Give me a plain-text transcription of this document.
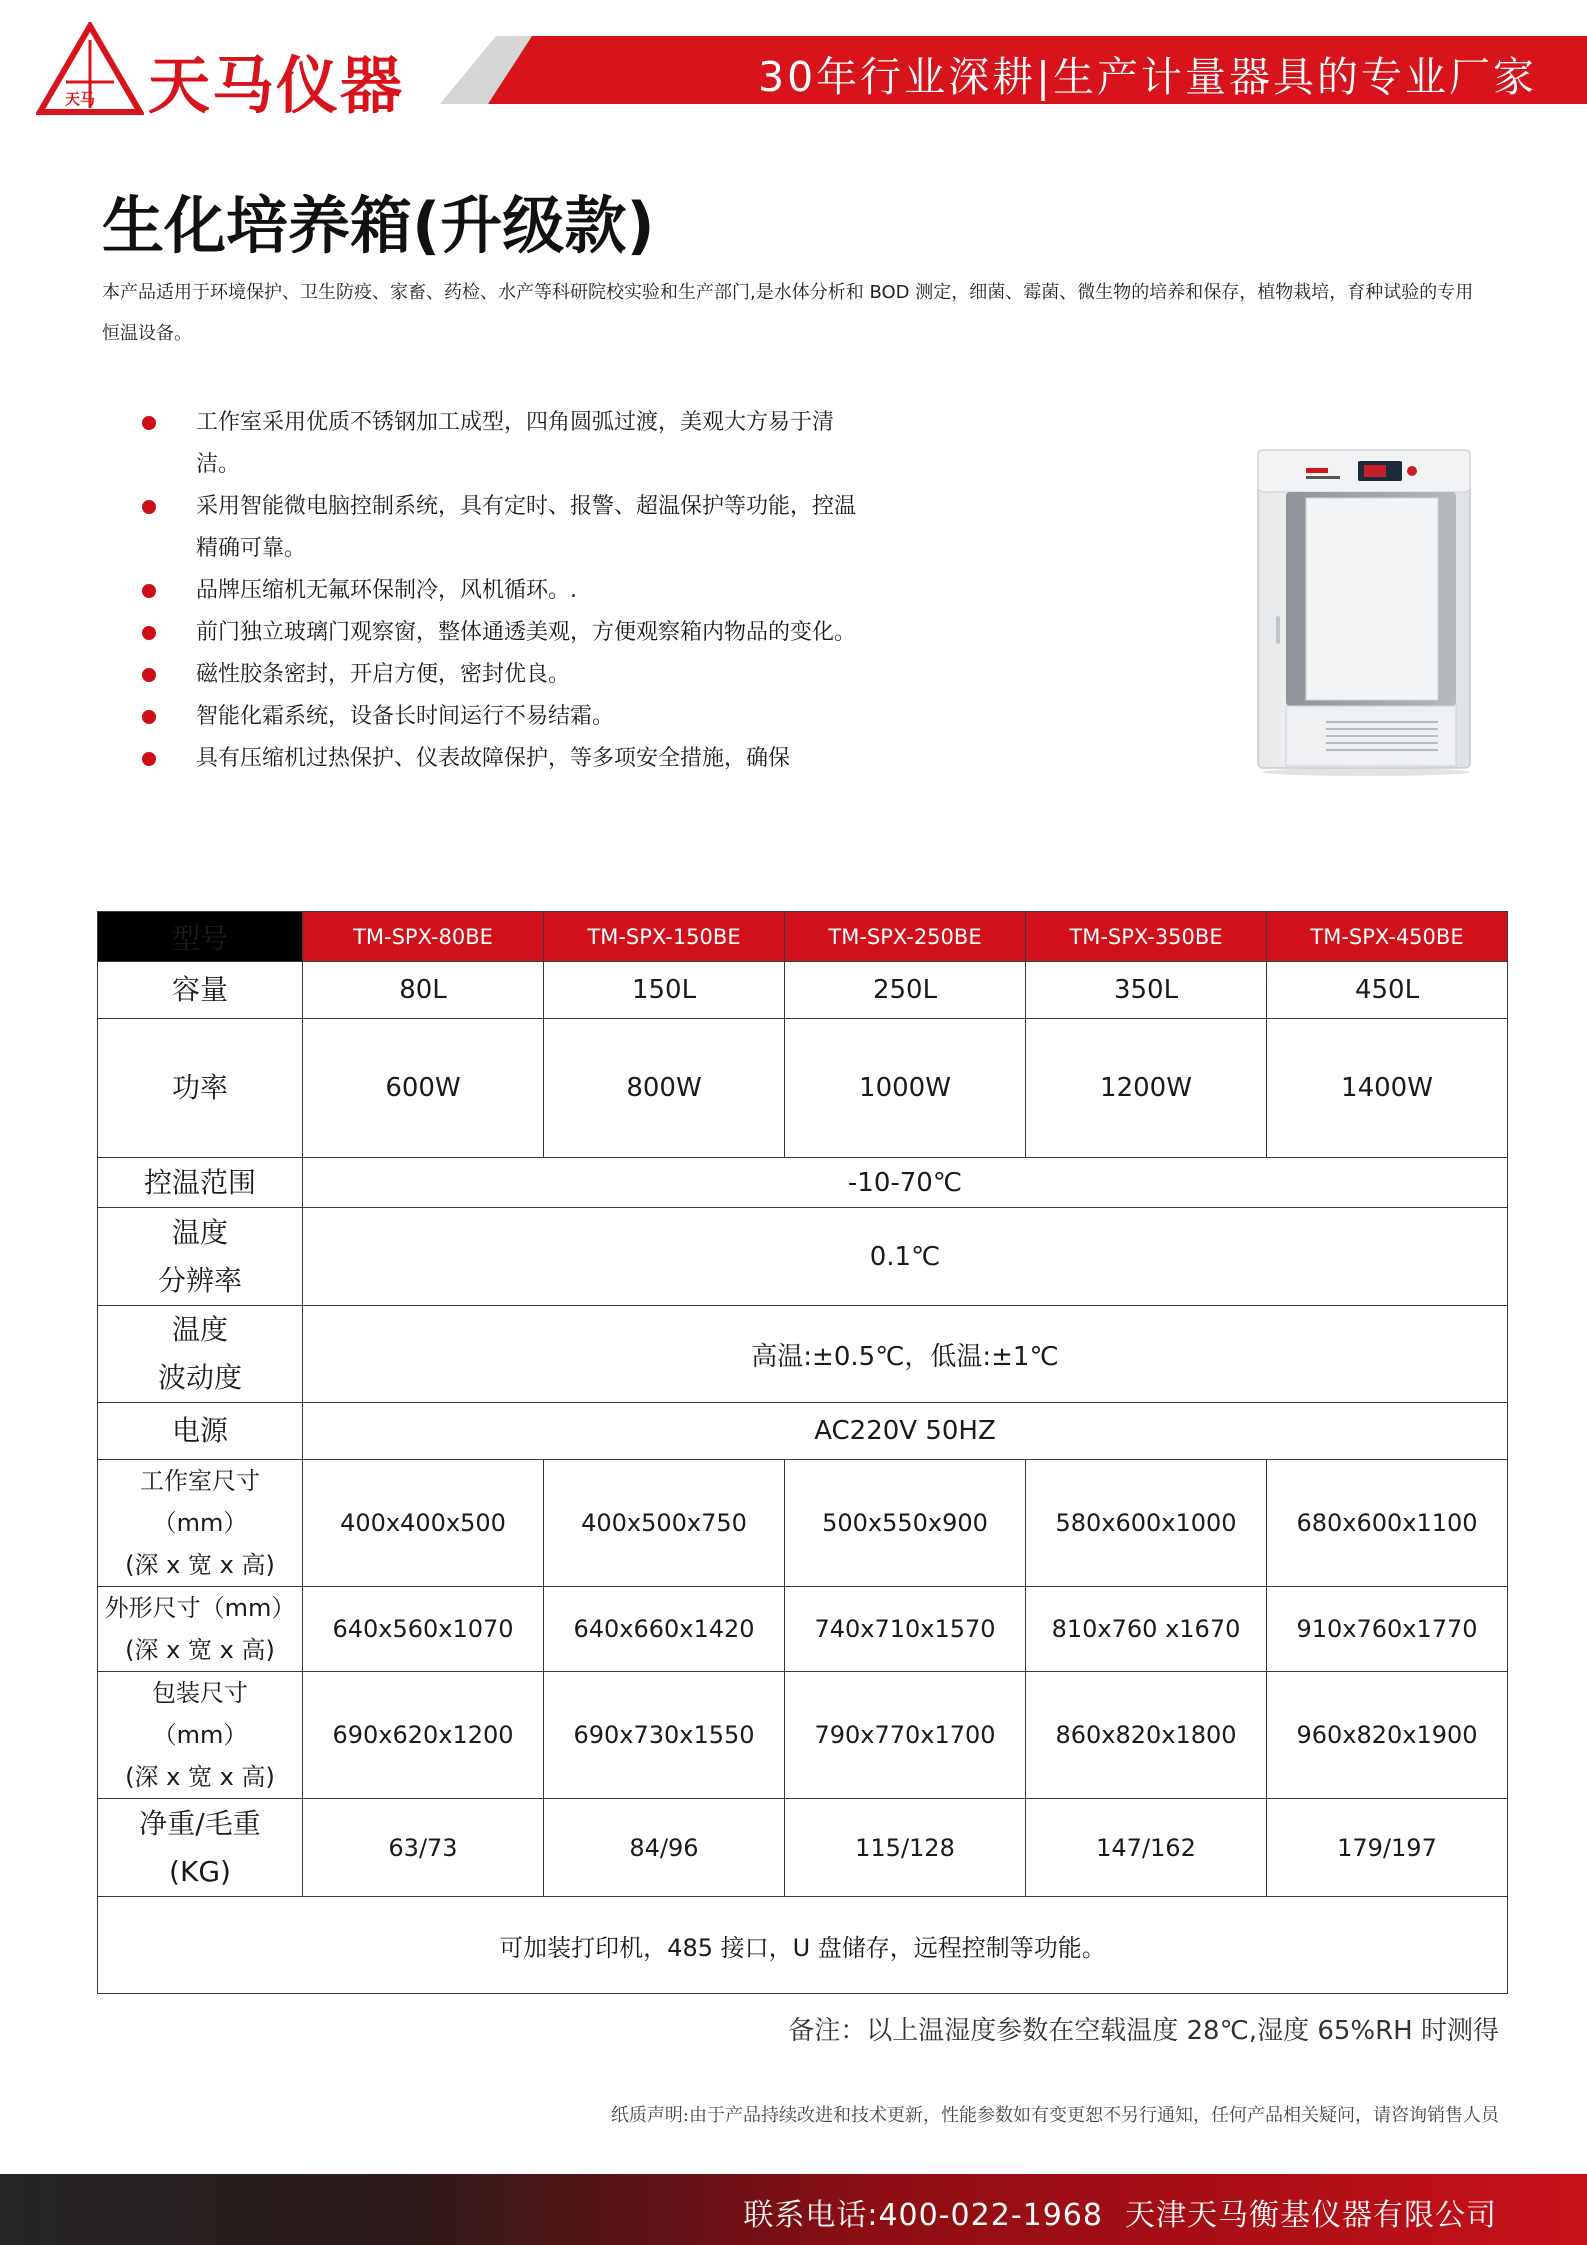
天马 天马仪器	30年行业深耕|生产计量器具的专业厂家
生化培养箱(升级款)
本产品适用于环境保护、卫生防疫、家畜、药检、水产等科研院校实验和生产部门,是水体分析和 BOD 测定，细菌、霉菌、微生物的培养和保存，植物栽培，育种试验的专用恒温设备。
工作室采用优质不锈钢加工成型，四角圆弧过渡，美观大方易于清洁。
采用智能微电脑控制系统，具有定时、报警、超温保护等功能，控温精确可靠。
品牌压缩机无氟环保制冷，风机循环。.
前门独立玻璃门观察窗，整体通透美观，方便观察箱内物品的变化。
磁性胶条密封，开启方便，密封优良。
智能化霜系统，设备长时间运行不易结霜。
具有压缩机过热保护、仪表故障保护，等多项安全措施，确保
型号	TM-SPX-80BE	TM-SPX-150BE	TM-SPX-250BE	TM-SPX-350BE	TM-SPX-450BE
容量	80L	150L	250L	350L	450L
功率	600W	800W	1000W	1200W	1400W
控温范围	-10-70℃				

温度
分辨率	0.1℃				

温度
波动度	高温:±0.5℃，低温:±1℃				
电源	AC220V 50HZ				

工作室尺寸
（mm）
(深 x 宽 x 高)	400x400x500	400x500x750	500x550x900	580x600x1000	680x600x1100

外形尺寸（mm）
(深 x 宽 x 高)	640x560x1070	640x660x1420	740x710x1570	810x760 x1670	910x760x1770

包装尺寸
（mm）
(深 x 宽 x 高)	690x620x1200	690x730x1550	790x770x1700	860x820x1800	960x820x1900

净重/毛重
(KG)	63/73	84/96	115/128	147/162	179/197
可加装打印机，485 接口，U 盘储存，远程控制等功能。					
备注：以上温湿度参数在空载温度 28℃,湿度 65%RH 时测得
纸质声明:由于产品持续改进和技术更新，性能参数如有变更恕不另行通知，任何产品相关疑问，请咨询销售人员
联系电话:400-022-1968 天津天马衡基仪器有限公司
